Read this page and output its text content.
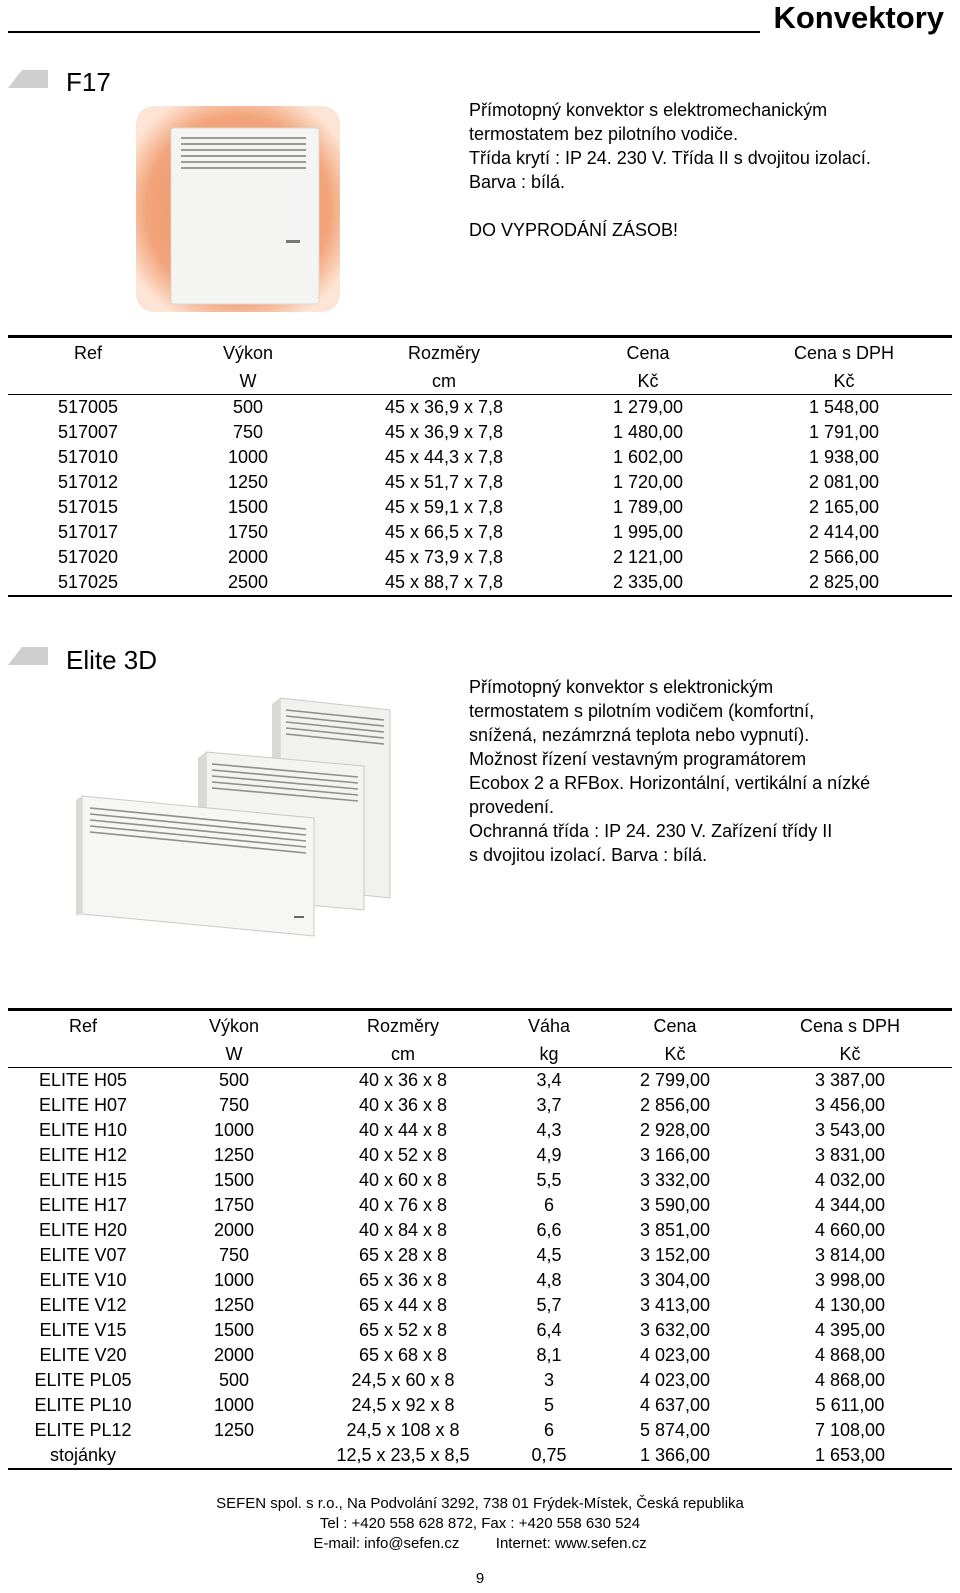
Konvektory
F17
Přímotopný konvektor s elektromechanickým
termostatem bez pilotního vodiče.
Třída krytí : IP 24. 230 V. Třída II s dvojitou izolací.
Barva : bílá.

DO VYPRODÁNÍ ZÁSOB!
Ref	Výkon	Rozměry	Cena	Cena s DPH
	W	cm	Kč	Kč
517005	500	45 x 36,9 x 7,8	1 279,00	1 548,00
517007	750	45 x 36,9 x 7,8	1 480,00	1 791,00
517010	1000	45 x 44,3 x 7,8	1 602,00	1 938,00
517012	1250	45 x 51,7 x 7,8	1 720,00	2 081,00
517015	1500	45 x 59,1 x 7,8	1 789,00	2 165,00
517017	1750	45 x 66,5 x 7,8	1 995,00	2 414,00
517020	2000	45 x 73,9 x 7,8	2 121,00	2 566,00
517025	2500	45 x 88,7 x 7,8	2 335,00	2 825,00
Elite 3D
Přímotopný konvektor s elektronickým
termostatem s pilotním vodičem (komfortní,
snížená, nezámrzná teplota nebo vypnutí).
Možnost řízení vestavným programátorem
Ecobox 2 a RFBox. Horizontální, vertikální a nízké
provedení.
Ochranná třída : IP 24. 230 V. Zařízení třídy II
s dvojitou izolací. Barva : bílá.
Ref	Výkon	Rozměry	Váha	Cena	Cena s DPH
	W	cm	kg	Kč	Kč
ELITE H05	500	40 x 36 x 8	3,4	2 799,00	3 387,00
ELITE H07	750	40 x 36 x 8	3,7	2 856,00	3 456,00
ELITE H10	1000	40 x 44 x 8	4,3	2 928,00	3 543,00
ELITE H12	1250	40 x 52 x 8	4,9	3 166,00	3 831,00
ELITE H15	1500	40 x 60 x 8	5,5	3 332,00	4 032,00
ELITE H17	1750	40 x 76 x 8	6	3 590,00	4 344,00
ELITE H20	2000	40 x 84 x 8	6,6	3 851,00	4 660,00
ELITE V07	750	65 x 28 x 8	4,5	3 152,00	3 814,00
ELITE V10	1000	65 x 36 x 8	4,8	3 304,00	3 998,00
ELITE V12	1250	65 x 44 x 8	5,7	3 413,00	4 130,00
ELITE V15	1500	65 x 52 x 8	6,4	3 632,00	4 395,00
ELITE V20	2000	65 x 68 x 8	8,1	4 023,00	4 868,00
ELITE PL05	500	24,5 x 60 x 8	3	4 023,00	4 868,00
ELITE PL10	1000	24,5 x 92 x 8	5	4 637,00	5 611,00
ELITE PL12	1250	24,5 x 108 x 8	6	5 874,00	7 108,00
stojánky		12,5 x 23,5 x 8,5	0,75	1 366,00	1 653,00
SEFEN spol. s r.o., Na Podvolání 3292, 738 01 Frýdek-Místek, Česká republika
Tel : +420 558 628 872, Fax : +420 558 630 524
E-mail: info@sefen.cz Internet: www.sefen.cz
9
